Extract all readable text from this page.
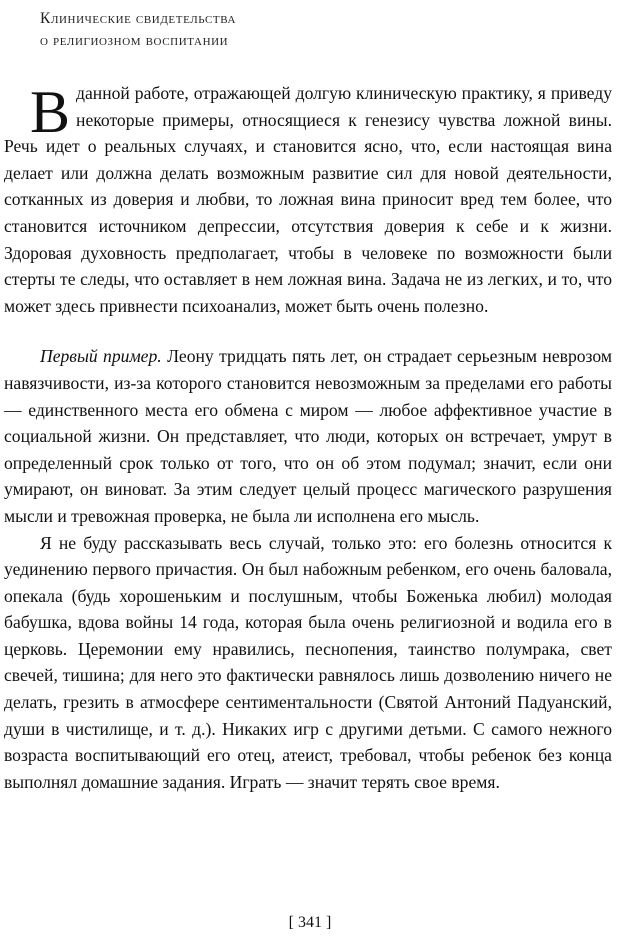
Клинические свидетельства
о религиозном воспитании

В данной работе, отражающей долгую клиническую практику, я приведу некоторые примеры, относящиеся к генезису чувства ложной вины. Речь идет о реальных случаях, и становится ясно, что, если настоящая вина делает или должна делать возможным развитие сил для новой деятельности, сотканных из доверия и любви, то ложная вина приносит вред тем более, что становится источником депрессии, отсутствия доверия к себе и к жизни. Здоровая духовность предполагает, чтобы в человеке по возможности были стерты те следы, что оставляет в нем ложная вина. Задача не из легких, и то, что может здесь привнести психоанализ, может быть очень полезно.

Первый пример. Леону тридцать пять лет, он страдает серьезным неврозом навязчивости, из-за которого становится невозможным за пределами его работы — единственного места его обмена с миром — любое аффективное участие в социальной жизни. Он представляет, что люди, которых он встречает, умрут в определенный срок только от того, что он об этом подумал; значит, если они умирают, он виноват. За этим следует целый процесс магического разрушения мысли и тревожная проверка, не была ли исполнена его мысль.

Я не буду рассказывать весь случай, только это: его болезнь относится к уединению первого причастия. Он был набожным ребенком, его очень баловала, опекала (будь хорошеньким и послушным, чтобы Боженька любил) молодая бабушка, вдова войны 14 года, которая была очень религиозной и водила его в церковь. Церемонии ему нравились, песнопения, таинство полумрака, свет свечей, тишина; для него это фактически равнялось лишь дозволению ничего не делать, грезить в атмосфере сентиментальности (Святой Антоний Падуанский, души в чистилище, и т. д.). Никаких игр с другими детьми. С самого нежного возраста воспитывающий его отец, атеист, требовал, чтобы ребенок без конца выполнял домашние задания. Играть — значит терять свое время.

[ 341 ]
